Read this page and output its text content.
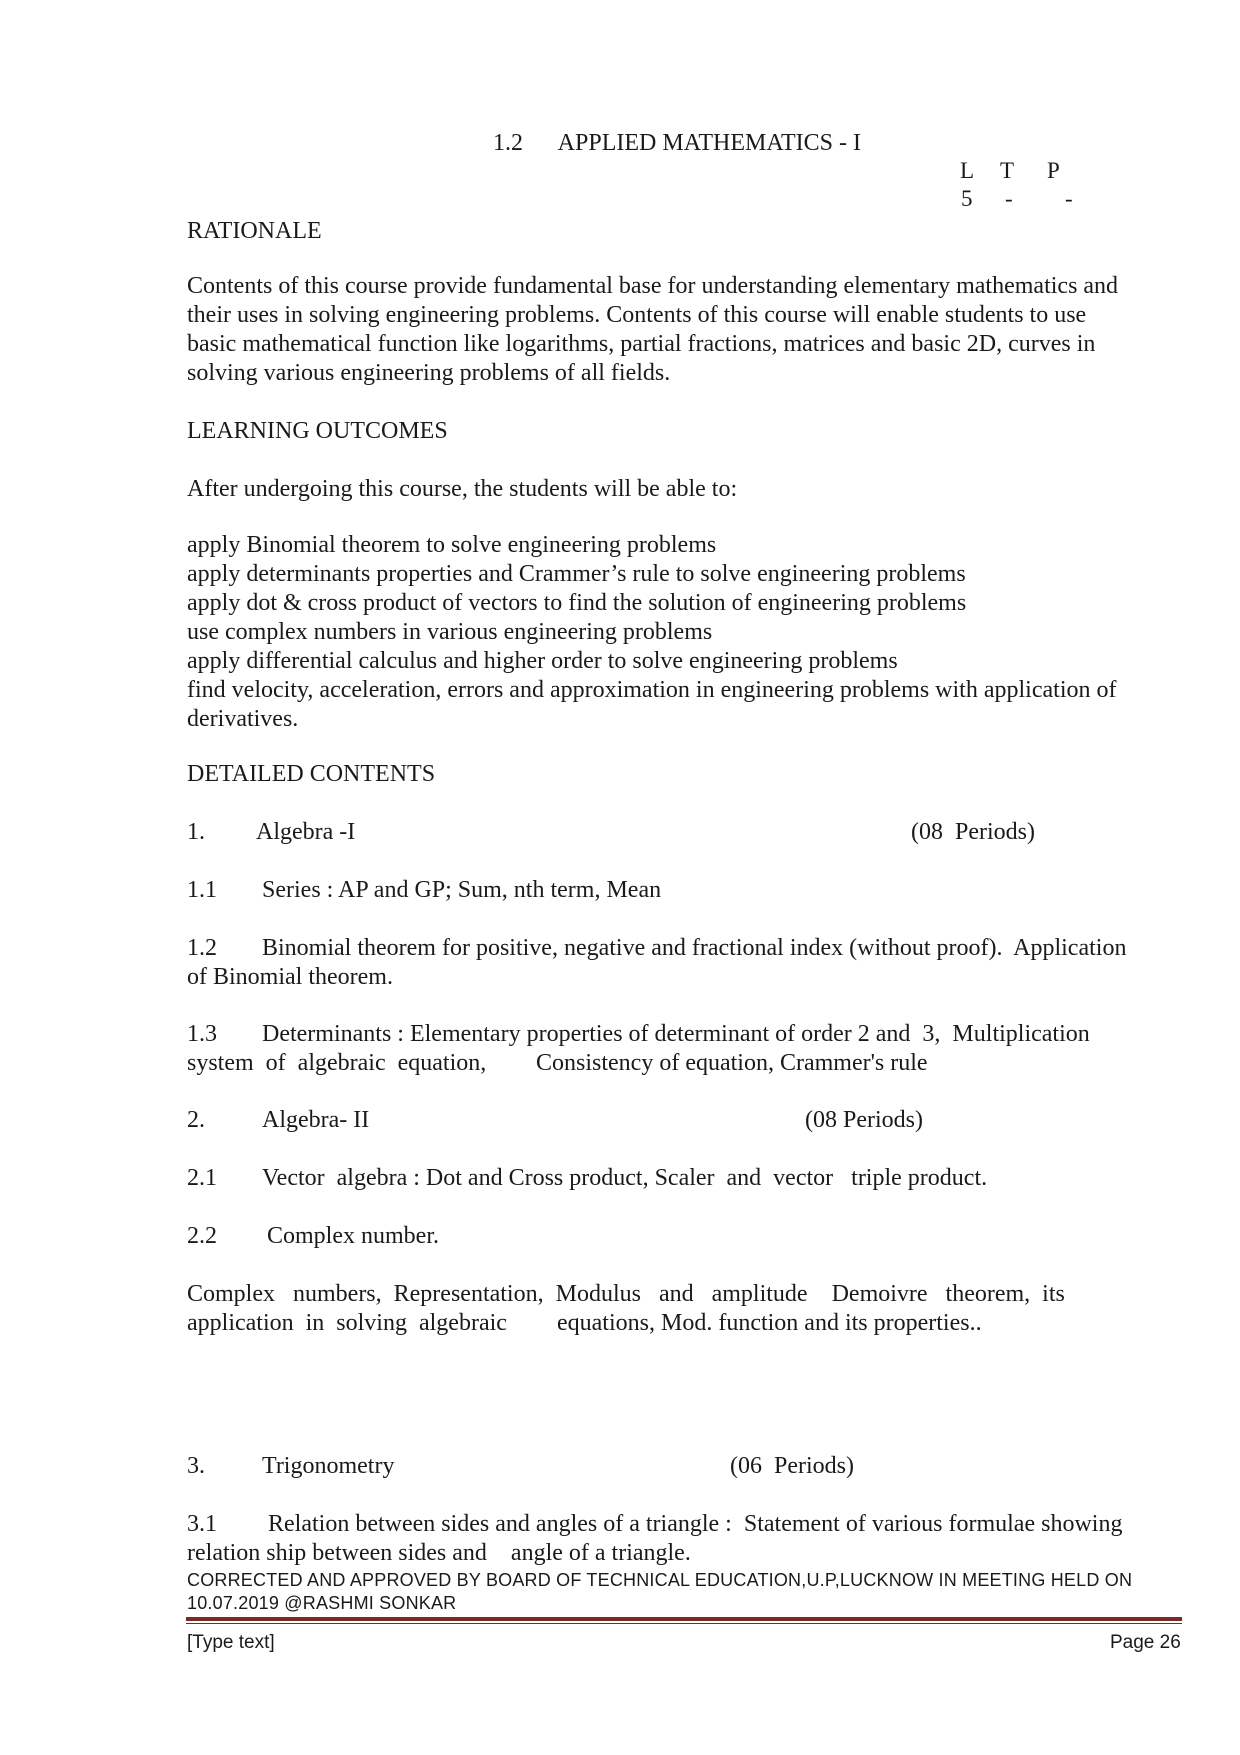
1.2      APPLIED MATHEMATICS - I
L T P
5 - -
RATIONALE
Contents of this course provide fundamental base for understanding elementary mathematics and
their uses in solving engineering problems. Contents of this course will enable students to use
basic mathematical function like logarithms, partial fractions, matrices and basic 2D, curves in
solving various engineering problems of all fields.
LEARNING OUTCOMES
After undergoing this course, the students will be able to:
apply Binomial theorem to solve engineering problems
apply determinants properties and Crammer’s rule to solve engineering problems
apply dot & cross product of vectors to find the solution of engineering problems
use complex numbers in various engineering problems
apply differential calculus and higher order to solve engineering problems
find velocity, acceleration, errors and approximation in engineering problems with application of
derivatives.
DETAILED CONTENTS
1. Algebra -I	(08  Periods)
1.1 Series : AP and GP; Sum, nth term, Mean
1.2 Binomial theorem for positive, negative and fractional index (without proof).  Application
of Binomial theorem.
1.3 Determinants : Elementary properties of determinant of order 2 and  3,  Multiplication
system  of  algebraic  equation, Consistency of equation, Crammer's rule
2. Algebra- II	(08 Periods)
2.1 Vector  algebra : Dot and Cross product, Scaler  and  vector   triple product.
2.2 Complex number.
Complex   numbers,  Representation,  Modulus   and   amplitude    Demoivre   theorem,  its
application  in  solving  algebraic equations, Mod. function and its properties..
3. Trigonometry	(06  Periods)
3.1 Relation between sides and angles of a triangle :  Statement of various formulae showing
relation ship between sides and    angle of a triangle.
CORRECTED AND APPROVED BY BOARD OF TECHNICAL EDUCATION,U.P,LUCKNOW IN MEETING HELD ON
10.07.2019 @RASHMI SONKAR
[Type text]	Page 26
